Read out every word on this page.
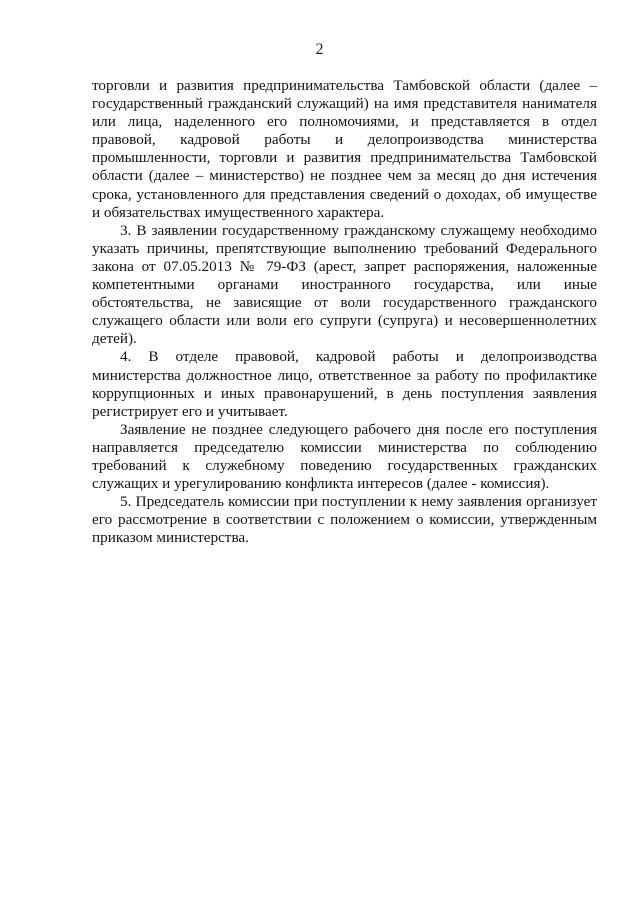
2

торговли и развития предпринимательства Тамбовской области (далее – государственный гражданский служащий) на имя представителя нанимателя или лица, наделенного его полномочиями, и представляется в отдел правовой, кадровой работы и делопроизводства министерства промышленности, торговли и развития предпринимательства Тамбовской области (далее – министерство) не позднее чем за месяц до дня истечения срока, установленного для представления сведений о доходах, об имуществе и обязательствах имущественного характера.

3. В заявлении государственному гражданскому служащему необходимо указать причины, препятствующие выполнению требований Федерального закона от 07.05.2013 № 79-ФЗ (арест, запрет распоряжения, наложенные компетентными органами иностранного государства, или иные обстоятельства, не зависящие от воли государственного гражданского служащего области или воли его супруги (супруга) и несовершеннолетних детей).

4. В отделе правовой, кадровой работы и делопроизводства министерства должностное лицо, ответственное за работу по профилактике коррупционных и иных правонарушений, в день поступления заявления регистрирует его и учитывает.

Заявление не позднее следующего рабочего дня после его поступления направляется председателю комиссии министерства по соблюдению требований к служебному поведению государственных гражданских служащих и урегулированию конфликта интересов (далее - комиссия).

5. Председатель комиссии при поступлении к нему заявления организует его рассмотрение в соответствии с положением о комиссии, утвержденным приказом министерства.
